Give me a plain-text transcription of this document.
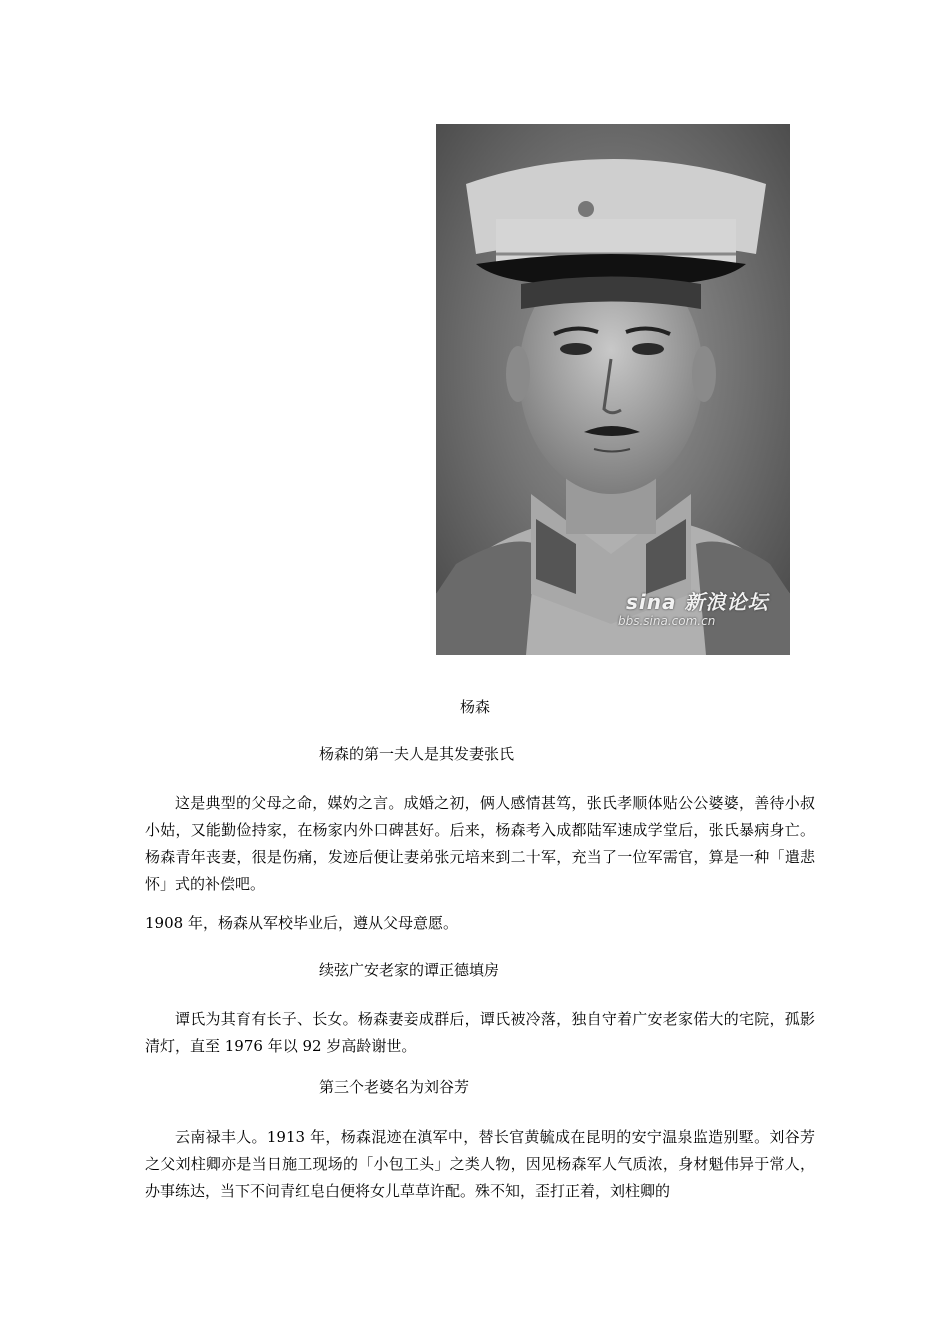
sina 新浪论坛
bbs.sina.com.cn
杨森
杨森的第一夫人是其发妻张氏
这是典型的父母之命，媒妁之言。成婚之初，俩人感情甚笃，张氏孝顺体贴公公婆婆，善待小叔小姑，又能勤俭持家，在杨家内外口碑甚好。后来，杨森考入成都陆军速成学堂后，张氏暴病身亡。杨森青年丧妻，很是伤痛，发迹后便让妻弟张元培来到二十军，充当了一位军需官，算是一种「遣悲怀」式的补偿吧。
1908 年，杨森从军校毕业后，遵从父母意愿。
续弦广安老家的谭正德填房
谭氏为其育有长子、长女。杨森妻妾成群后，谭氏被冷落，独自守着广安老家偌大的宅院，孤影清灯，直至 1976 年以 92 岁高龄谢世。
第三个老婆名为刘谷芳
云南禄丰人。1913 年，杨森混迹在滇军中，替长官黄毓成在昆明的安宁温泉监造别墅。刘谷芳之父刘柱卿亦是当日施工现场的「小包工头」之类人物，因见杨森军人气质浓，身材魁伟异于常人，办事练达，当下不问青红皂白便将女儿草草许配。殊不知，歪打正着，刘柱卿的
